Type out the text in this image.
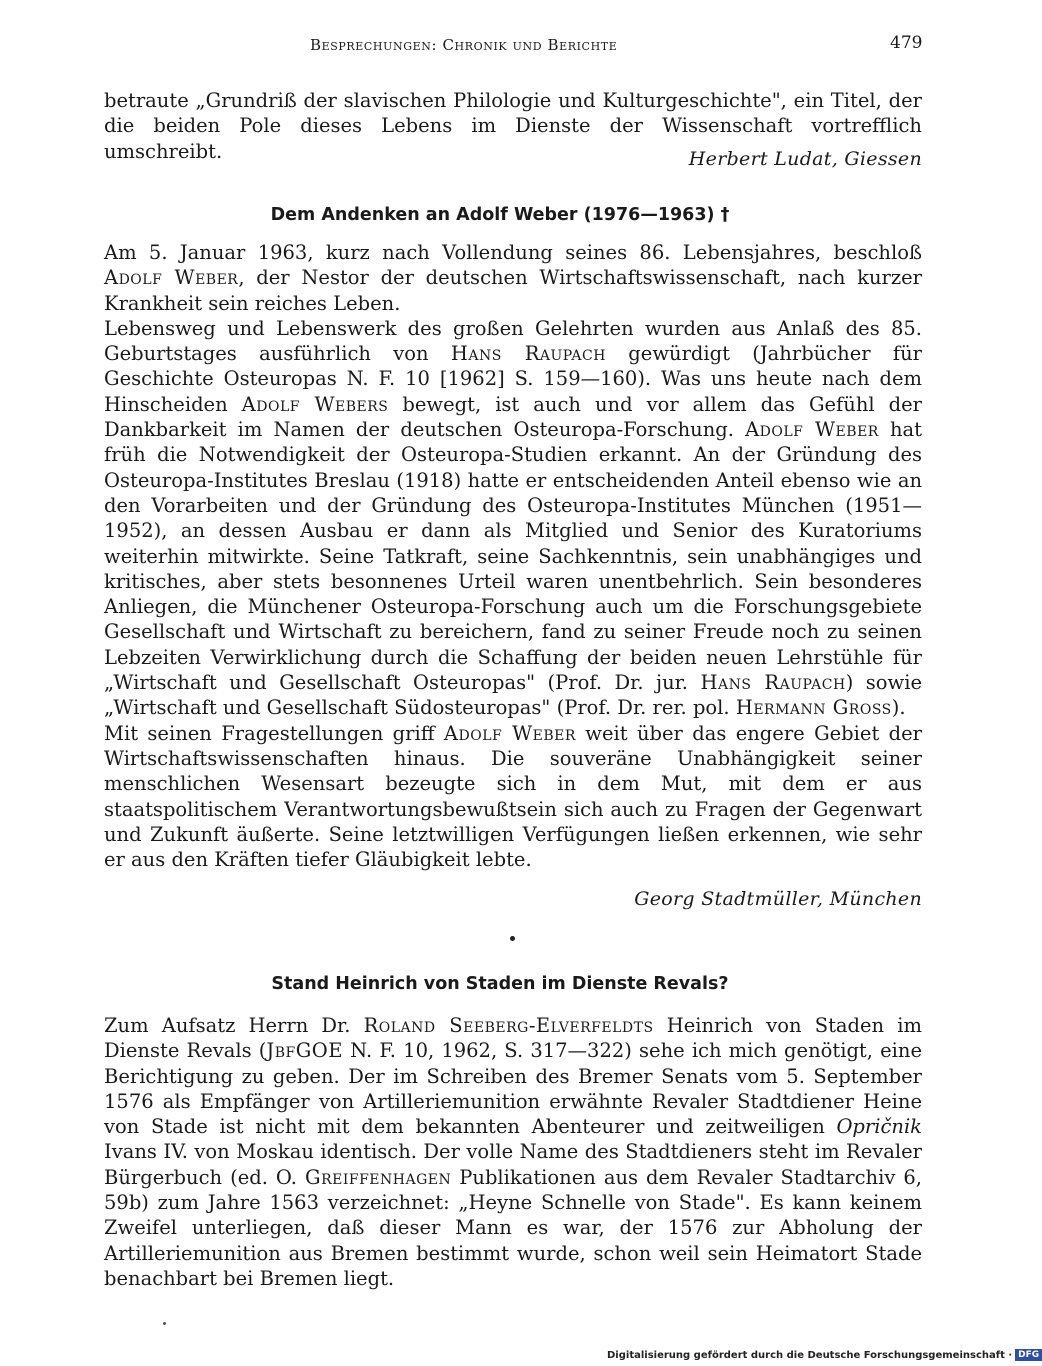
Besprechungen: Chronik und Berichte	479

betraute „Grundriß der slavischen Philologie und Kulturgeschichte", ein Titel, der die beiden Pole dieses Lebens im Dienste der Wissenschaft vortrefflich umschreibt.	Herbert Ludat, Giessen
Dem Andenken an Adolf Weber (1976—1963) †

Am 5. Januar 1963, kurz nach Vollendung seines 86. Lebensjahres, beschloß Adolf Weber, der Nestor der deutschen Wirtschaftswissenschaft, nach kurzer Krankheit sein reiches Leben.

Lebensweg und Lebenswerk des großen Gelehrten wurden aus Anlaß des 85. Geburtstages ausführlich von Hans Raupach gewürdigt (Jahrbücher für Geschichte Osteuropas N. F. 10 [1962] S. 159—160). Was uns heute nach dem Hinscheiden Adolf Webers bewegt, ist auch und vor allem das Gefühl der Dankbarkeit im Namen der deutschen Osteuropa-Forschung. Adolf Weber hat früh die Notwendigkeit der Osteuropa-Studien erkannt. An der Gründung des Osteuropa-Institutes Breslau (1918) hatte er entscheidenden Anteil ebenso wie an den Vorarbeiten und der Gründung des Osteuropa-Institutes München (1951—1952), an dessen Ausbau er dann als Mitglied und Senior des Kuratoriums weiterhin mitwirkte. Seine Tatkraft, seine Sachkenntnis, sein unabhängiges und kritisches, aber stets besonnenes Urteil waren unentbehrlich. Sein besonderes Anliegen, die Münchener Osteuropa-Forschung auch um die Forschungsgebiete Gesellschaft und Wirtschaft zu bereichern, fand zu seiner Freude noch zu seinen Lebzeiten Verwirklichung durch die Schaffung der beiden neuen Lehrstühle für „Wirtschaft und Gesellschaft Osteuropas" (Prof. Dr. jur. Hans Raupach) sowie „Wirtschaft und Gesellschaft Südosteuropas" (Prof. Dr. rer. pol. Hermann Gross).

Mit seinen Fragestellungen griff Adolf Weber weit über das engere Gebiet der Wirtschaftswissenschaften hinaus. Die souveräne Unabhängigkeit seiner menschlichen Wesensart bezeugte sich in dem Mut, mit dem er aus staatspolitischem Verantwortungsbewußtsein sich auch zu Fragen der Gegenwart und Zukunft äußerte. Seine letztwilligen Verfügungen ließen erkennen, wie sehr er aus den Kräften tiefer Gläubigkeit lebte.

Georg Stadtmüller, München
Stand Heinrich von Staden im Dienste Revals?

Zum Aufsatz Herrn Dr. Roland Seeberg-Elverfeldts Heinrich von Staden im Dienste Revals (JbfGOE N. F. 10, 1962, S. 317—322) sehe ich mich genötigt, eine Berichtigung zu geben. Der im Schreiben des Bremer Senats vom 5. September 1576 als Empfänger von Artilleriemunition erwähnte Revaler Stadtdiener Heine von Stade ist nicht mit dem bekannten Abenteurer und zeitweiligen Opričnik Ivans IV. von Moskau identisch. Der volle Name des Stadtdieners steht im Revaler Bürgerbuch (ed. O. Greiffenhagen Publikationen aus dem Revaler Stadtarchiv 6, 59b) zum Jahre 1563 verzeichnet: „Heyne Schnelle von Stade". Es kann keinem Zweifel unterliegen, daß dieser Mann es war, der 1576 zur Abholung der Artilleriemunition aus Bremen bestimmt wurde, schon weil sein Heimatort Stade benachbart bei Bremen liegt.

Digitalisierung gefördert durch die Deutsche Forschungsgemeinschaft · DFG
